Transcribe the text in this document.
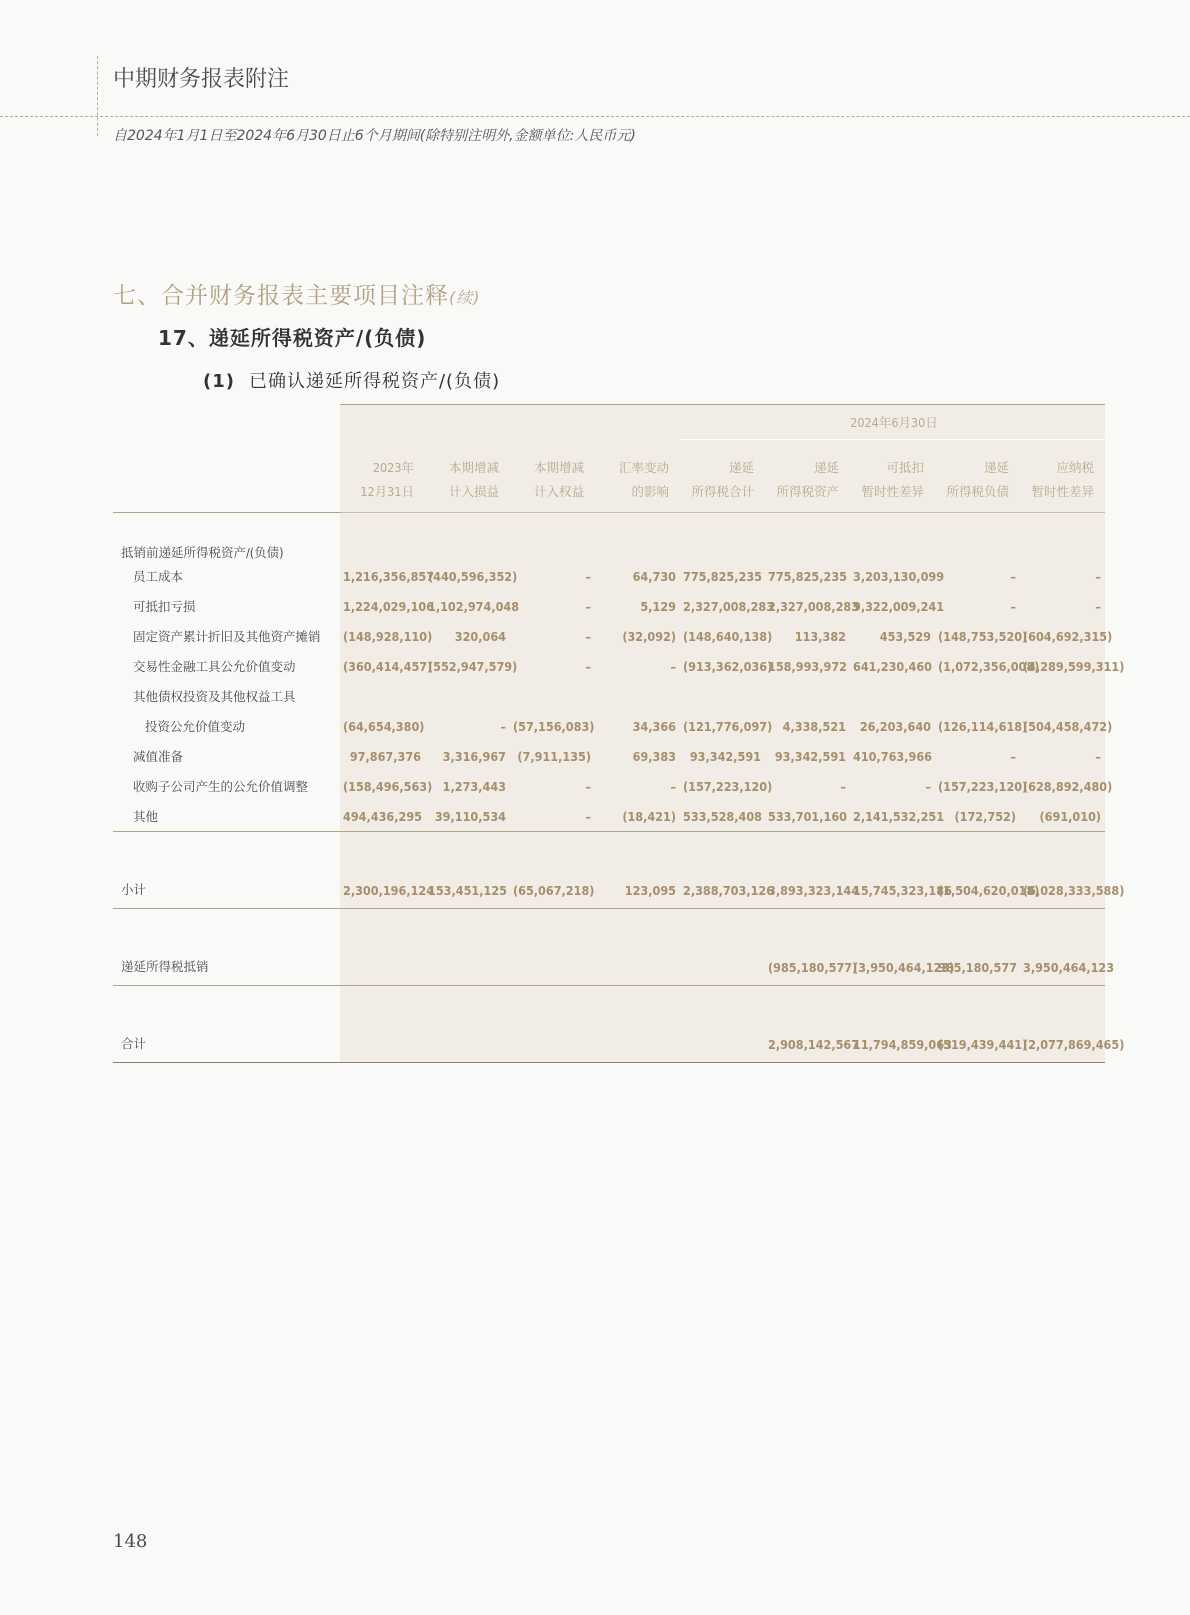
中期财务报表附注
自2024年1月1日至2024年6月30日止6个月期间(除特别注明外,金额单位:人民币元)
七、合并财务报表主要项目注释(续)
17、递延所得税资产/(负债)
(1) 已确认递延所得税资产/(负债)
					2024年6月30日				
	2023年	本期增减	本期增减	汇率变动	递延	递延	可抵扣	递延	应纳税
	12月31日	计入损益	计入权益	的影响	所得税合计	所得税资产	暂时性差异	所得税负债	暂时性差异

抵销前递延所得税资产/(负债)									
员工成本	1,216,356,857	(440,596,352)	–	64,730	775,825,235	775,825,235	3,203,130,099	–	–
可抵扣亏损	1,224,029,106	1,102,974,048	–	5,129	2,327,008,283	2,327,008,283	9,322,009,241	–	–
固定资产累计折旧及其他资产摊销	(148,928,110)	320,064	–	(32,092)	(148,640,138)	113,382	453,529	(148,753,520)	(604,692,315)
交易性金融工具公允价值变动	(360,414,457)	(552,947,579)	–	–	(913,362,036)	158,993,972	641,230,460	(1,072,356,008)	(4,289,599,311)
其他债权投资及其他权益工具									
投资公允价值变动	(64,654,380)	–	(57,156,083)	34,366	(121,776,097)	4,338,521	26,203,640	(126,114,618)	(504,458,472)
减值准备	97,867,376	3,316,967	(7,911,135)	69,383	93,342,591	93,342,591	410,763,966	–	–
收购子公司产生的公允价值调整	(158,496,563)	1,273,443	–	–	(157,223,120)	–	–	(157,223,120)	(628,892,480)
其他	494,436,295	39,110,534	–	(18,421)	533,528,408	533,701,160	2,141,532,251	(172,752)	(691,010)
小计	2,300,196,124	153,451,125	(65,067,218)	123,095	2,388,703,126	3,893,323,144	15,745,323,186	(1,504,620,018)	(6,028,333,588)
递延所得税抵销						(985,180,577)	(3,950,464,123)	985,180,577	3,950,464,123
合计						2,908,142,567	11,794,859,063	(519,439,441)	(2,077,869,465)
148
